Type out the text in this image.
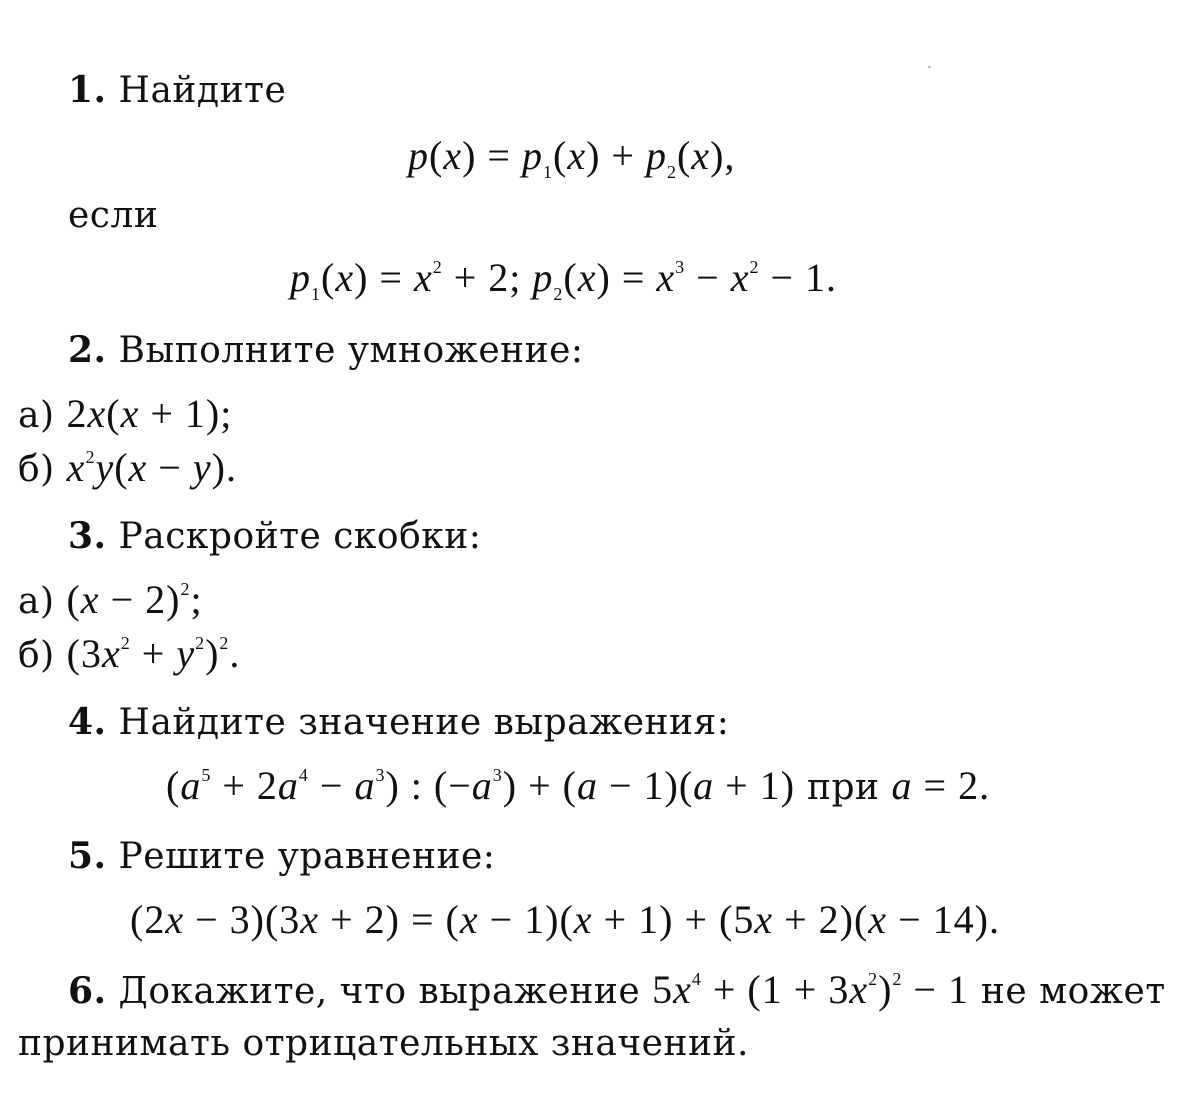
1. Найдите
$p(x) = p_1(x) + p_2(x)$,
если
$p_1(x) = x^2 + 2$; $p_2(x) = x^3 - x^2 - 1$.
2. Выполните умножение:
а) 2x(x + 1);
б) $x^2y(x - y)$.
3. Раскройте скобки:
а) $(x - 2)^2$;
б) $(3x^2 + y^2)^2$.
4. Найдите значение выражения:
$(a^5 + 2a^4 - a^3)$ : $(-a^3) + (a - 1)(a + 1)$ при a = 2.
5. Решите уравнение:
(2x − 3)(3x + 2) = (x − 1)(x + 1) + (5x + 2)(x − 14).
6. Докажите, что выражение $5x^4 + (1 + 3x^2)^2 - 1$ не может
принимать отрицательных значений.
